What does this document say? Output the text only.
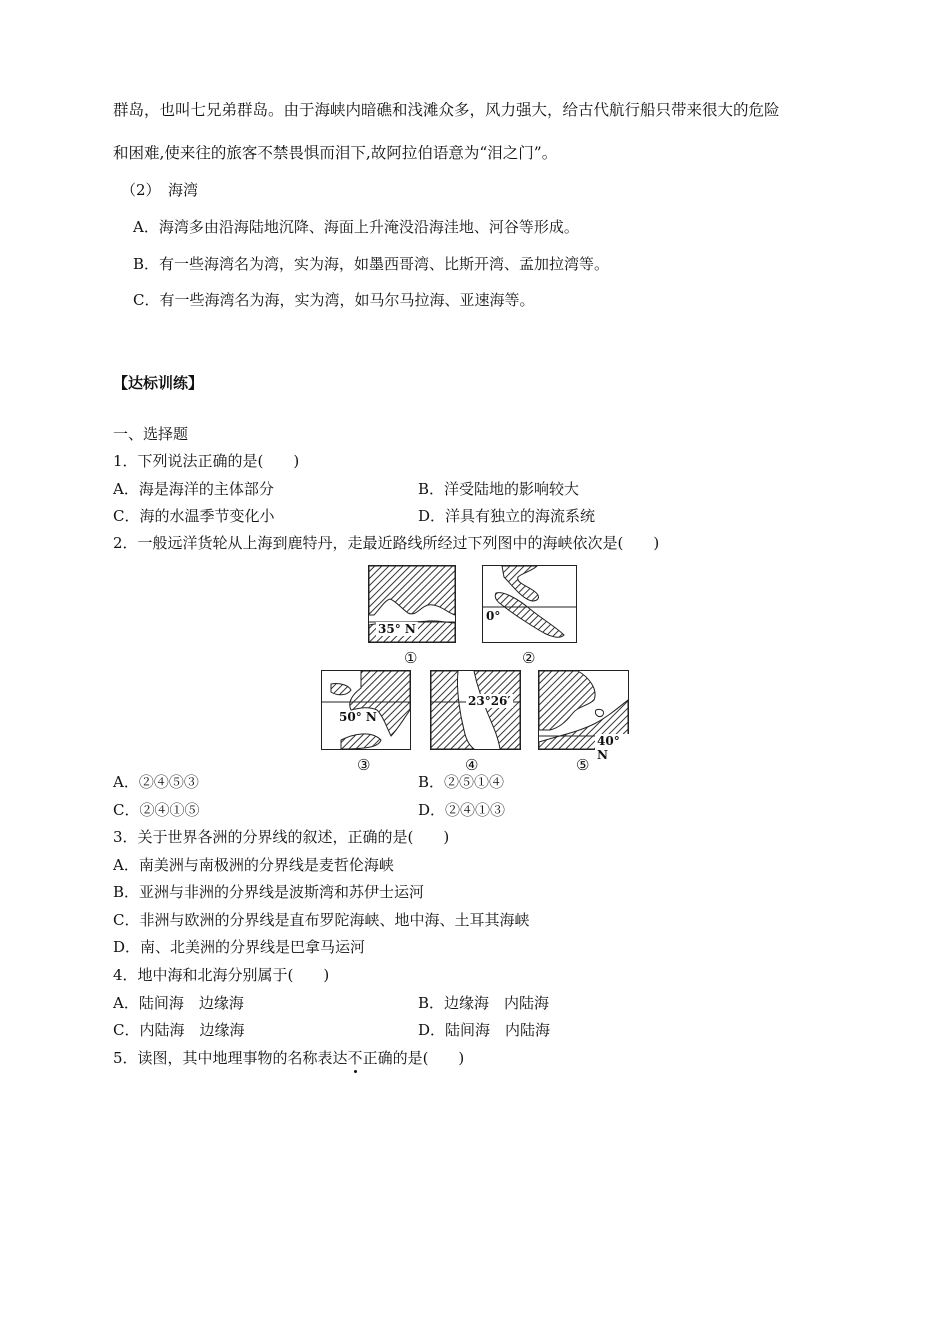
群岛，也叫七兄弟群岛。由于海峡内暗礁和浅滩众多，风力强大，给古代航行船只带来很大的危险
和困难,使来往的旅客不禁畏惧而泪下,故阿拉伯语意为“泪之门”。
（2）　海湾
A．海湾多由沿海陆地沉降、海面上升淹没沿海洼地、河谷等形成。
B．有一些海湾名为湾，实为海，如墨西哥湾、比斯开湾、孟加拉湾等。
C．有一些海湾名为海，实为湾，如马尔马拉海、亚速海等。
【达标训练】
一、选择题
1．下列说法正确的是(　　)
A．海是海洋的主体部分	B．洋受陆地的影响较大
C．海的水温季节变化小	D．洋具有独立的海流系统
2．一般远洋货轮从上海到鹿特丹，走最近路线所经过下列图中的海峡依次是(　　)
35° N
①
0°
②
50° N
③
23°26′
④
40° N
⑤
A．②④⑤③	B．②⑤①④
C．②④①⑤	D．②④①③
3．关于世界各洲的分界线的叙述，正确的是(　　)
A．南美洲与南极洲的分界线是麦哲伦海峡
B．亚洲与非洲的分界线是波斯湾和苏伊士运河
C．非洲与欧洲的分界线是直布罗陀海峡、地中海、土耳其海峡
D．南、北美洲的分界线是巴拿马运河
4．地中海和北海分别属于(　　)
A．陆间海　边缘海	B．边缘海　内陆海
C．内陆海　边缘海	D．陆间海　内陆海
5．读图，其中地理事物的名称表达不正确的是(　　)
